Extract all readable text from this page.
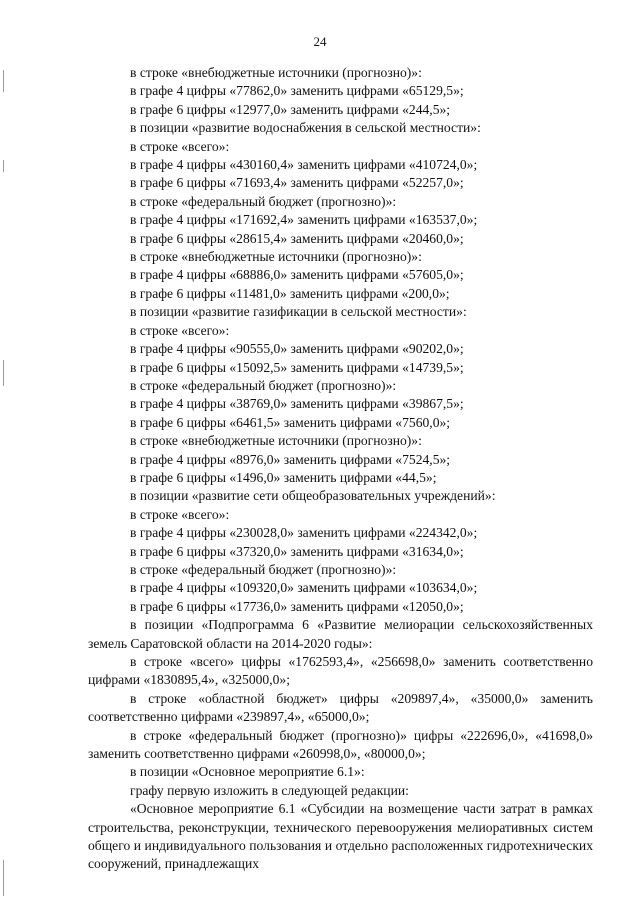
24
в строке «внебюджетные источники (прогнозно)»:
в графе 4 цифры «77862,0» заменить цифрами «65129,5»;
в графе 6 цифры «12977,0» заменить цифрами «244,5»;
в позиции «развитие водоснабжения в сельской местности»:
в строке «всего»:
в графе 4 цифры «430160,4» заменить цифрами «410724,0»;
в графе 6 цифры «71693,4» заменить цифрами «52257,0»;
в строке «федеральный бюджет (прогнозно)»:
в графе 4 цифры «171692,4» заменить цифрами «163537,0»;
в графе 6 цифры «28615,4» заменить цифрами «20460,0»;
в строке «внебюджетные источники (прогнозно)»:
в графе 4 цифры «68886,0» заменить цифрами «57605,0»;
в графе 6 цифры «11481,0» заменить цифрами «200,0»;
в позиции «развитие газификации в сельской местности»:
в строке «всего»:
в графе 4 цифры «90555,0» заменить цифрами «90202,0»;
в графе 6 цифры «15092,5» заменить цифрами «14739,5»;
в строке «федеральный бюджет (прогнозно)»:
в графе 4 цифры «38769,0» заменить цифрами «39867,5»;
в графе 6 цифры «6461,5» заменить цифрами «7560,0»;
в строке «внебюджетные источники (прогнозно)»:
в графе 4 цифры «8976,0» заменить цифрами «7524,5»;
в графе 6 цифры «1496,0» заменить цифрами «44,5»;
в позиции «развитие сети общеобразовательных учреждений»:
в строке «всего»:
в графе 4 цифры «230028,0» заменить цифрами «224342,0»;
в графе 6 цифры «37320,0» заменить цифрами «31634,0»;
в строке «федеральный бюджет (прогнозно)»:
в графе 4 цифры «109320,0» заменить цифрами «103634,0»;
в графе 6 цифры «17736,0» заменить цифрами «12050,0»;
в позиции «Подпрограмма 6 «Развитие мелиорации сельскохозяйственных земель Саратовской области на 2014-2020 годы»:
в строке «всего» цифры «1762593,4», «256698,0» заменить соответственно цифрами «1830895,4», «325000,0»;
в строке «областной бюджет» цифры «209897,4», «35000,0» заменить соответственно цифрами «239897,4», «65000,0»;
в строке «федеральный бюджет (прогнозно)» цифры «222696,0», «41698,0» заменить соответственно цифрами «260998,0», «80000,0»;
в позиции «Основное мероприятие 6.1»:
графу первую изложить в следующей редакции:
«Основное мероприятие 6.1 «Субсидии на возмещение части затрат в рамках строительства, реконструкции, технического перевооружения мелиоративных систем общего и индивидуального пользования и отдельно расположенных гидротехнических сооружений, принадлежащих
